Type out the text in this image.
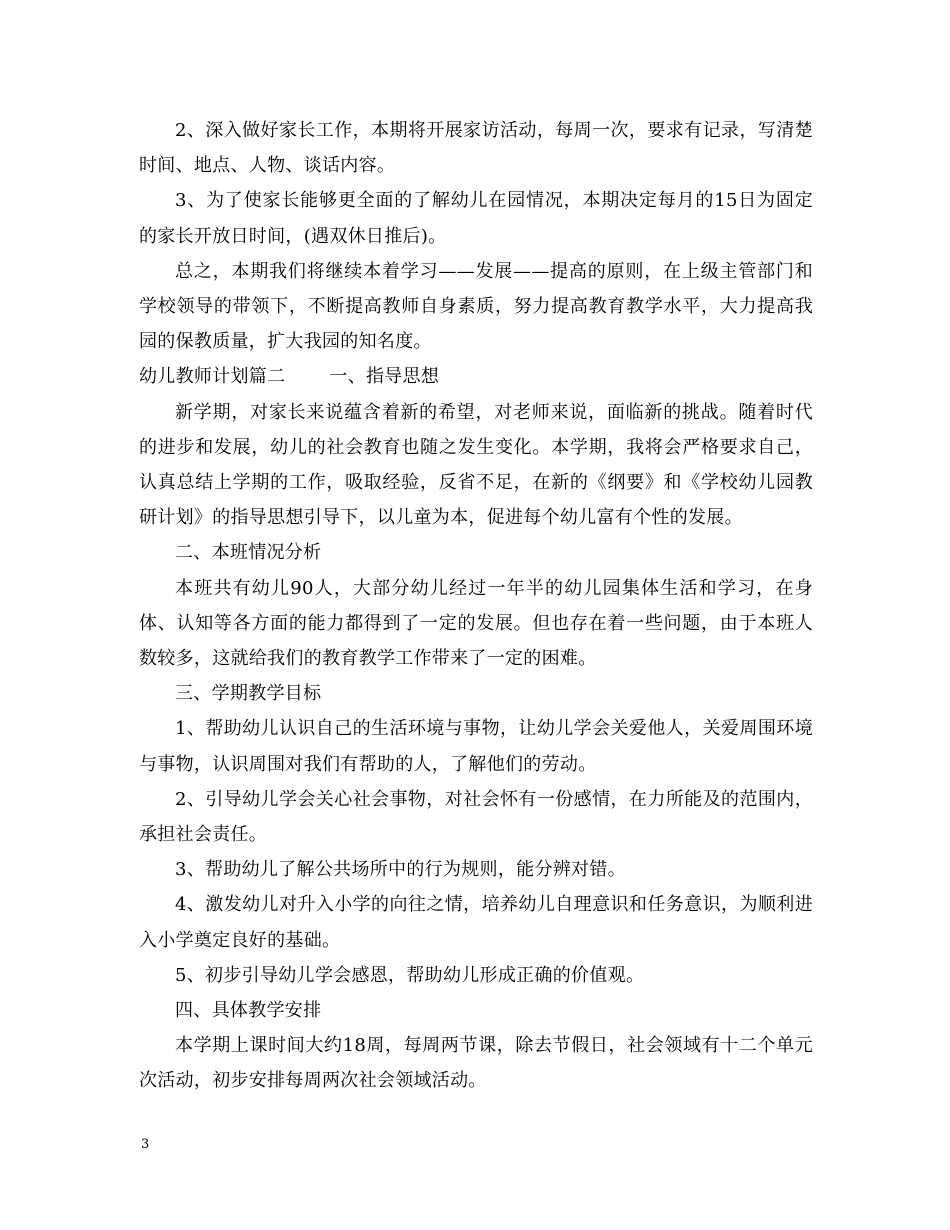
2、深入做好家长工作，本期将开展家访活动，每周一次，要求有记录，写清楚时间、地点、人物、谈话内容。

3、为了使家长能够更全面的了解幼儿在园情况，本期决定每月的15日为固定的家长开放日时间，(遇双休日推后)。

总之，本期我们将继续本着学习——发展——提高的原则，在上级主管部门和学校领导的带领下，不断提高教师自身素质，努力提高教育教学水平，大力提高我园的保教质量，扩大我园的知名度。

幼儿教师计划篇二 一、指导思想

新学期，对家长来说蕴含着新的希望，对老师来说，面临新的挑战。随着时代的进步和发展，幼儿的社会教育也随之发生变化。本学期，我将会严格要求自己，认真总结上学期的工作，吸取经验，反省不足，在新的《纲要》和《学校幼儿园教研计划》的指导思想引导下，以儿童为本，促进每个幼儿富有个性的发展。

二、本班情况分析

本班共有幼儿90人，大部分幼儿经过一年半的幼儿园集体生活和学习，在身体、认知等各方面的能力都得到了一定的发展。但也存在着一些问题，由于本班人数较多，这就给我们的教育教学工作带来了一定的困难。

三、学期教学目标

1、帮助幼儿认识自己的生活环境与事物，让幼儿学会关爱他人，关爱周围环境与事物，认识周围对我们有帮助的人，了解他们的劳动。

2、引导幼儿学会关心社会事物，对社会怀有一份感情，在力所能及的范围内，承担社会责任。

3、帮助幼儿了解公共场所中的行为规则，能分辨对错。

4、激发幼儿对升入小学的向往之情，培养幼儿自理意识和任务意识，为顺利进入小学奠定良好的基础。

5、初步引导幼儿学会感恩，帮助幼儿形成正确的价值观。

四、具体教学安排

本学期上课时间大约18周，每周两节课，除去节假日，社会领域有十二个单元次活动，初步安排每周两次社会领域活动。

3
